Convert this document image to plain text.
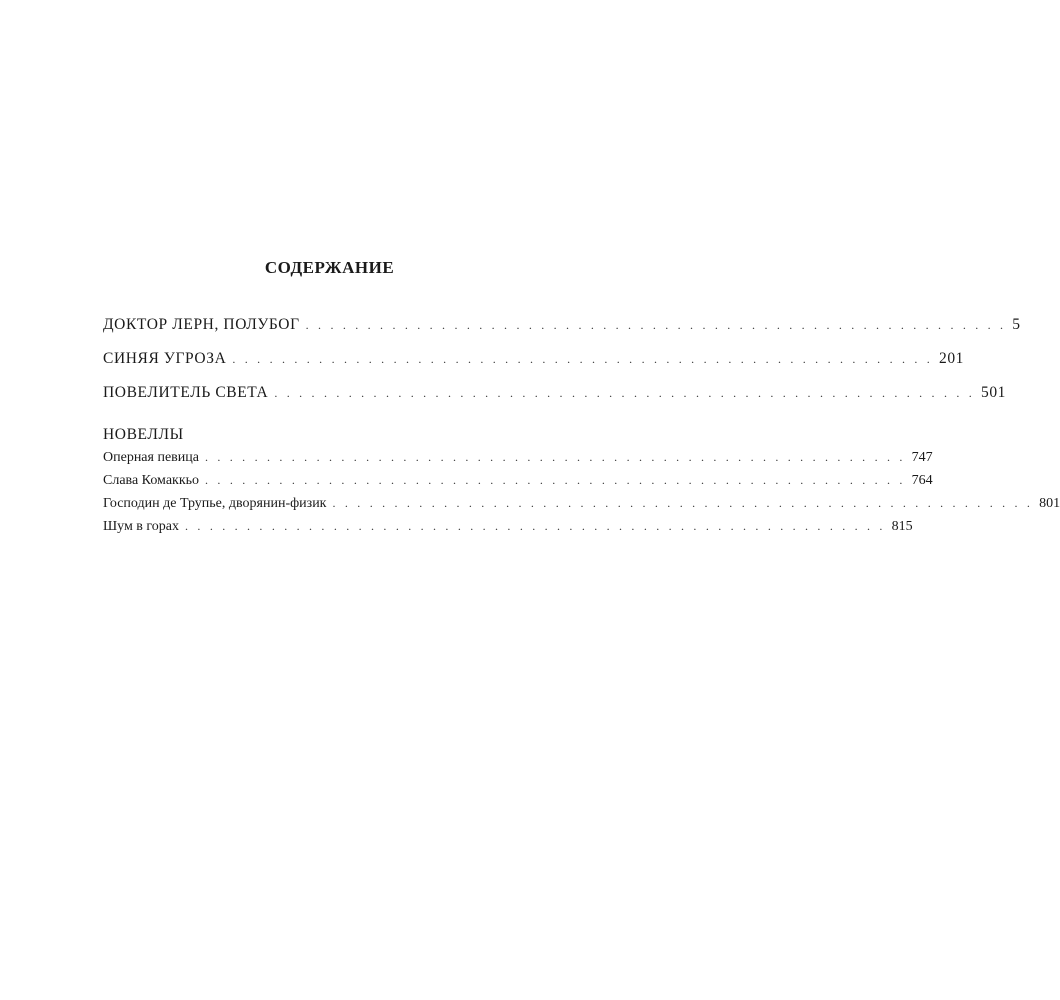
СОДЕРЖАНИЕ
ДОКТОР ЛЕРН, ПОЛУБОГ . . . . . . . . . . . . . . . . . . . . . . . . . . . . . . . . . . . . . . . . . . . . . . . . . . . . . . . . . 5
СИНЯЯ УГРОЗА . . . . . . . . . . . . . . . . . . . . . . . . . . . . . . . . . . . . . . . . . . . . . . . . . . . . . . . . . 201
ПОВЕЛИТЕЛЬ СВЕТА . . . . . . . . . . . . . . . . . . . . . . . . . . . . . . . . . . . . . . . . . . . . . . . . . . . . . . . . . 501
НОВЕЛЛЫ
Оперная певица . . . . . . . . . . . . . . . . . . . . . . . . . . . . . . . . . . . . . . . . . . . . . . . . . . . . . . . . . 747
Слава Комаккьо . . . . . . . . . . . . . . . . . . . . . . . . . . . . . . . . . . . . . . . . . . . . . . . . . . . . . . . . . 764
Господин де Трупье, дворянин-физик . . . . . . . . . . . . . . . . . . . . . . . . . . . . . . . . . . . . . . . . . . . . . . . . . . . . . . . . . 801
Шум в горах . . . . . . . . . . . . . . . . . . . . . . . . . . . . . . . . . . . . . . . . . . . . . . . . . . . . . . . . . 815
